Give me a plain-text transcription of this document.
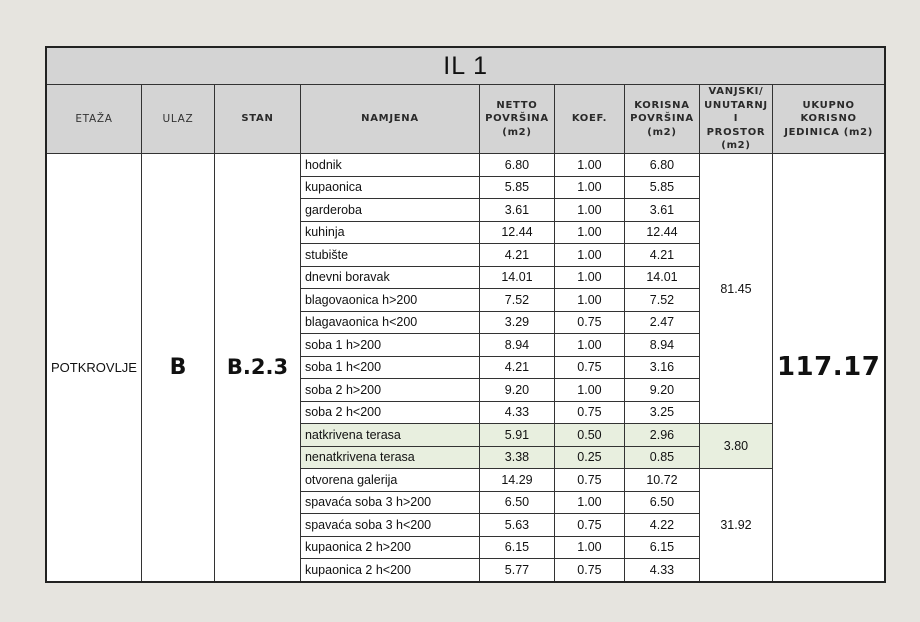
IL 1								
ETAŽA	ULAZ	STAN	NAMJENA	NETTO POVRŠINA (m2)	KOEF.	KORISNA POVRŠINA (m2)	VANJSKI/ UNUTARNJ I PROSTOR (m2)	UKUPNO KORISNO JEDINICA (m2)
POTKROVLJE	B	B.2.3	hodnik	6.80	1.00	6.80	81.45	117.17
			kupaonica	5.85	1.00	5.85		
			garderoba	3.61	1.00	3.61		
			kuhinja	12.44	1.00	12.44		
			stubište	4.21	1.00	4.21		
			dnevni boravak	14.01	1.00	14.01		
			blagovaonica h>200	7.52	1.00	7.52		
			blagavaonica h<200	3.29	0.75	2.47		
			soba 1 h>200	8.94	1.00	8.94		
			soba 1 h<200	4.21	0.75	3.16		
			soba 2 h>200	9.20	1.00	9.20		
			soba 2 h<200	4.33	0.75	3.25		
			natkrivena terasa	5.91	0.50	2.96	3.80	
			nenatkrivena terasa	3.38	0.25	0.85		
			otvorena galerija	14.29	0.75	10.72	31.92	
			spavaća soba 3 h>200	6.50	1.00	6.50		
			spavaća soba 3 h<200	5.63	0.75	4.22		
			kupaonica 2 h>200	6.15	1.00	6.15		
			kupaonica 2 h<200	5.77	0.75	4.33		
